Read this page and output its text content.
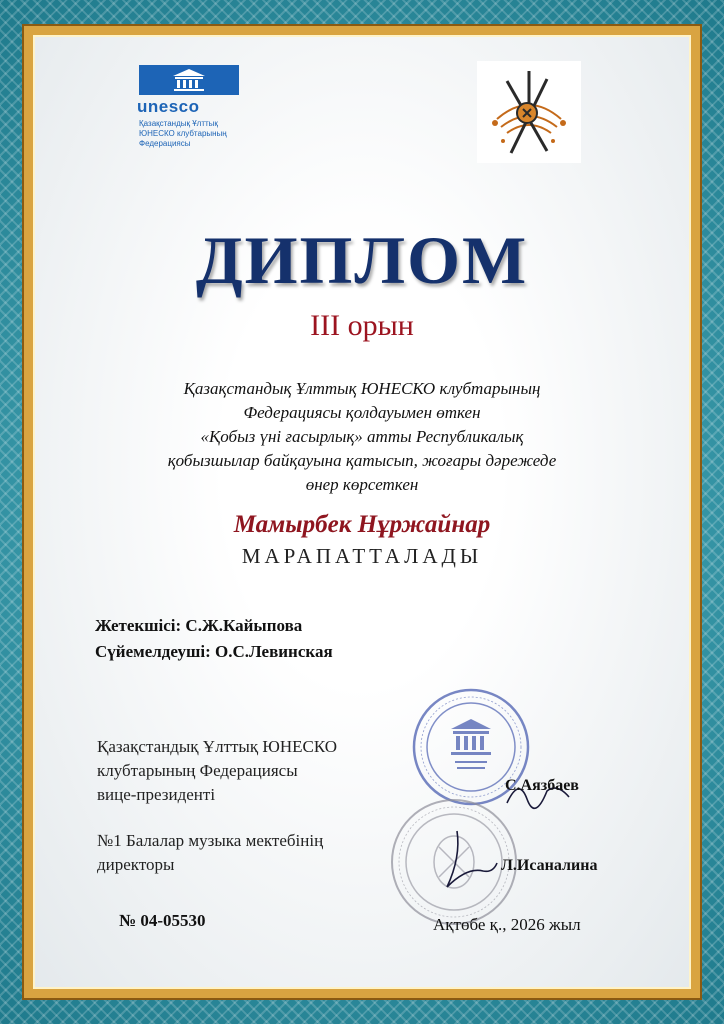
unesco
Қазақстандық Ұлттық
ЮНЕСКО клубтарының
Федерациясы
ДИПЛОМ
ІІІ орын
Қазақстандық Ұлттық ЮНЕСКО клубтарының
Федерациясы қолдауымен өткен
«Қобыз үні ғасырлық» атты Республикалық
қобызшылар байқауына қатысып, жоғары дәрежеде
өнер көрсеткен
Мамырбек Нұржайнар
МАРАПАТТАЛАДЫ
Жетекшісі: С.Ж.Кайыпова
Сүйемелдеуші: О.С.Левинская
Қазақстандық Ұлттық ЮНЕСКО
клубтарының Федерациясы
вице-президенті	С.Аязбаев
№1 Балалар музыка мектебінің
директоры	Л.Исаналина
№ 04-05530	Ақтөбе қ., 2026 жыл
